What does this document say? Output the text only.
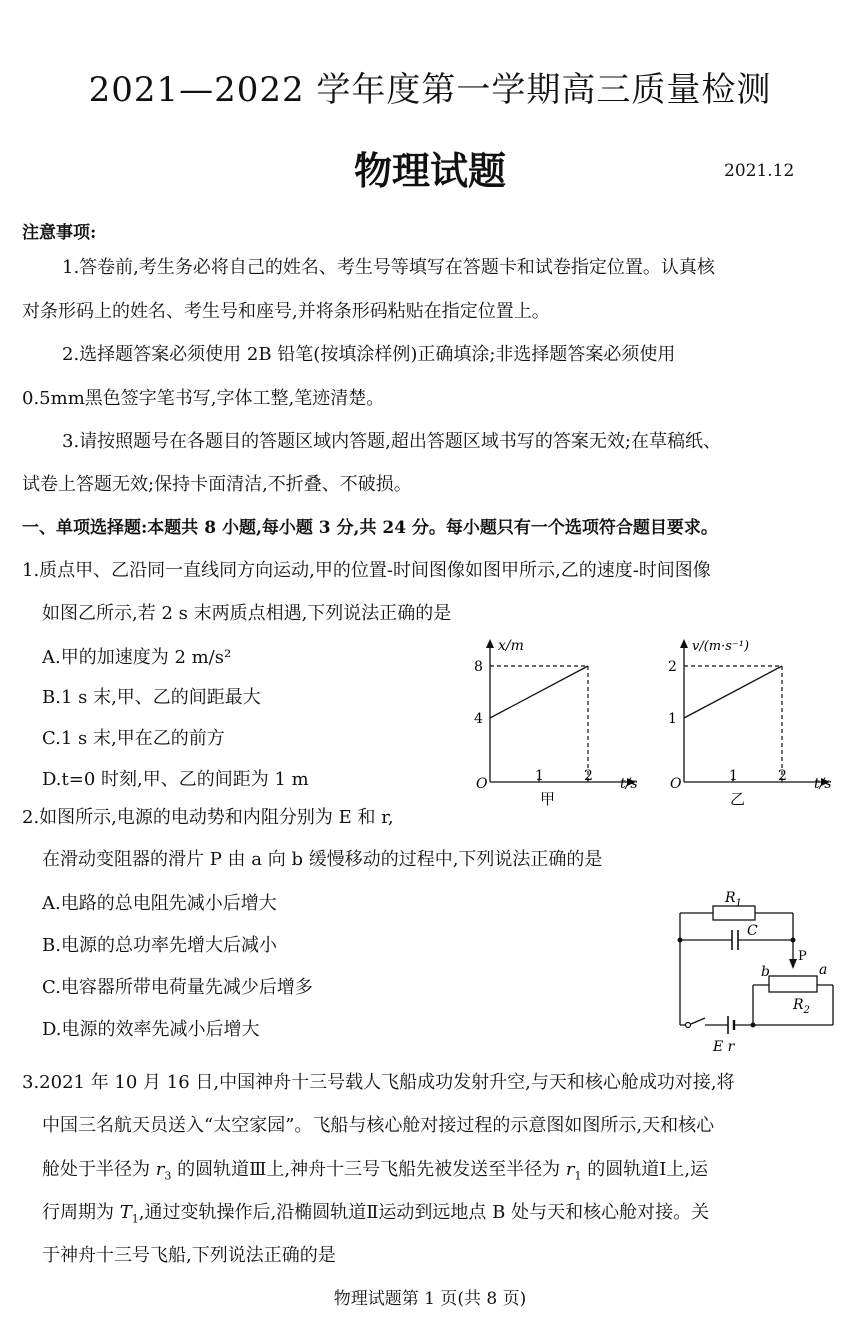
2021—2022 学年度第一学期高三质量检测
物理试题	2021.12
注意事项:
1.答卷前,考生务必将自己的姓名、考生号等填写在答题卡和试卷指定位置。认真核
对条形码上的姓名、考生号和座号,并将条形码粘贴在指定位置上。
2.选择题答案必须使用 2B 铅笔(按填涂样例)正确填涂;非选择题答案必须使用
0.5mm黑色签字笔书写,字体工整,笔迹清楚。
3.请按照题号在各题目的答题区域内答题,超出答题区域书写的答案无效;在草稿纸、
试卷上答题无效;保持卡面清洁,不折叠、不破损。
一、单项选择题:本题共 8 小题,每小题 3 分,共 24 分。每小题只有一个选项符合题目要求。
1.质点甲、乙沿同一直线同方向运动,甲的位置-时间图像如图甲所示,乙的速度-时间图像
如图乙所示,若 2 s 末两质点相遇,下列说法正确的是
A.甲的加速度为 2 m/s²
B.1 s 末,甲、乙的间距最大
C.1 s 末,甲在乙的前方
D.t=0 时刻,甲、乙的间距为 1 m
x/m
8
4
O	1	2 t/s
甲
v/(m·s⁻¹)
2
1
O	1	2 t/s
乙
2.如图所示,电源的电动势和内阻分别为 E 和 r,
在滑动变阻器的滑片 P 由 a 向 b 缓慢移动的过程中,下列说法正确的是
A.电路的总电阻先减小后增大
B.电源的总功率先增大后减小
C.电容器所带电荷量先减少后增多
D.电源的效率先减小后增大
$R_1$
C
P
b	a
$R_2$
E r
3.2021 年 10 月 16 日,中国神舟十三号载人飞船成功发射升空,与天和核心舱成功对接,将
中国三名航天员送入“太空家园”。飞船与核心舱对接过程的示意图如图所示,天和核心
舱处于半径为 $r_3$ 的圆轨道Ⅲ上,神舟十三号飞船先被发送至半径为 $r_1$ 的圆轨道Ⅰ上,运
行周期为 $T_1$,通过变轨操作后,沿椭圆轨道Ⅱ运动到远地点 B 处与天和核心舱对接。关
于神舟十三号飞船,下列说法正确的是
物理试题第 1 页(共 8 页)
